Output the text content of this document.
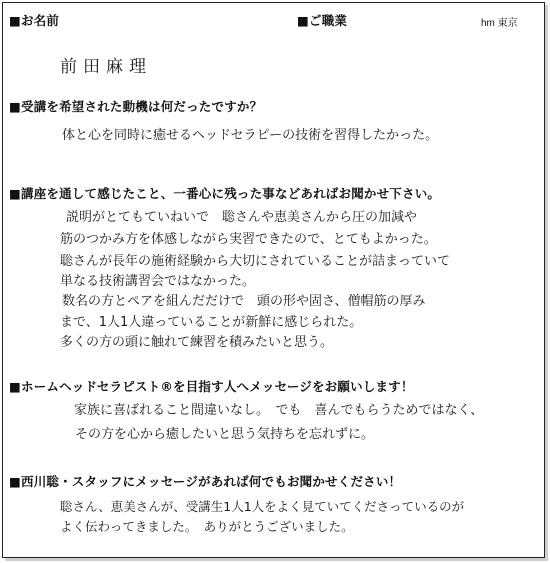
■お名前	■ご職業	hm 東京
前田麻理
■受講を希望された動機は何だったですか？
体と心を同時に癒せるヘッドセラピーの技術を習得したかった。
■講座を通して感じたこと、一番心に残った事などあればお聞かせ下さい。
説明がとてもていねいで　聡さんや恵美さんから圧の加減や
筋のつかみ方を体感しながら実習できたので、とてもよかった。
聡さんが長年の施術経験から大切にされていることが詰まっていて
単なる技術講習会ではなかった。
数名の方とペアを組んだだけで　頭の形や固さ、僧帽筋の厚み
まで、1人1人違っていることが新鮮に感じられた。
多くの方の頭に触れて練習を積みたいと思う。
■ホームヘッドセラピスト®を目指す人へメッセージをお願いします！
家族に喜ばれること間違いなし。　でも　喜んでもらうためではなく、
その方を心から癒したいと思う気持ちを忘れずに。
■西川聡・スタッフにメッセージがあれば何でもお聞かせください！
聡さん、恵美さんが、受講生1人1人をよく見ていてくださっているのが
よく伝わってきました。　ありがとうございました。
